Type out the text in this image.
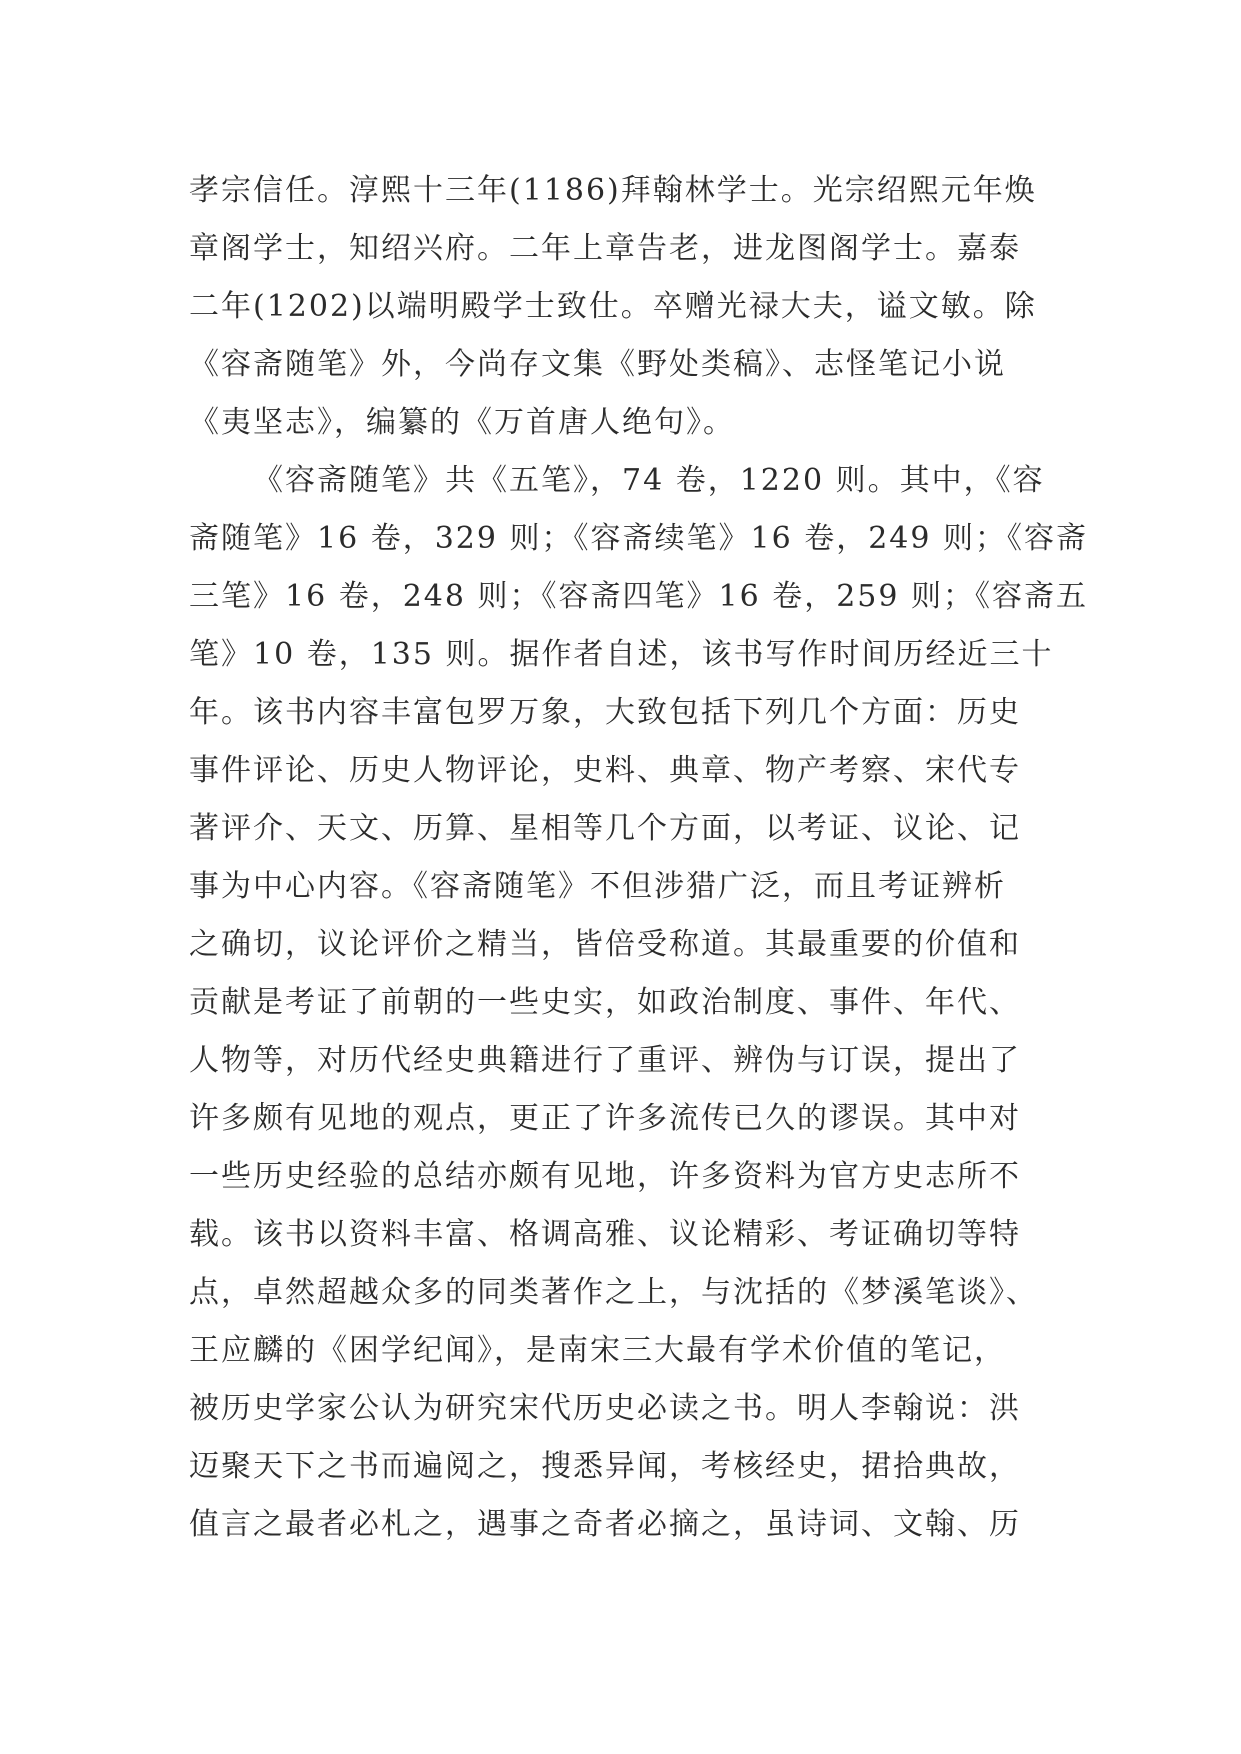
孝宗信任。淳熙十三年(1186)拜翰林学士。光宗绍熙元年焕
章阁学士，知绍兴府。二年上章告老，进龙图阁学士。嘉泰
二年(1202)以端明殿学士致仕。卒赠光禄大夫，谥文敏。除
《容斋随笔》外，今尚存文集《野处类稿》、志怪笔记小说
《夷坚志》，编纂的《万首唐人绝句》。
《容斋随笔》共《五笔》，74 卷，1220 则。其中，《容
斋随笔》16 卷，329 则；《容斋续笔》16 卷，249 则；《容斋
三笔》16 卷，248 则；《容斋四笔》16 卷，259 则；《容斋五
笔》10 卷，135 则。据作者自述，该书写作时间历经近三十
年。该书内容丰富包罗万象，大致包括下列几个方面：历史
事件评论、历史人物评论，史料、典章、物产考察、宋代专
著评介、天文、历算、星相等几个方面，以考证、议论、记
事为中心内容。《容斋随笔》不但涉猎广泛，而且考证辨析
之确切，议论评价之精当，皆倍受称道。其最重要的价值和
贡献是考证了前朝的一些史实，如政治制度、事件、年代、
人物等，对历代经史典籍进行了重评、辨伪与订误，提出了
许多颇有见地的观点，更正了许多流传已久的谬误。其中对
一些历史经验的总结亦颇有见地，许多资料为官方史志所不
载。该书以资料丰富、格调高雅、议论精彩、考证确切等特
点，卓然超越众多的同类著作之上，与沈括的《梦溪笔谈》、
王应麟的《困学纪闻》，是南宋三大最有学术价值的笔记，
被历史学家公认为研究宋代历史必读之书。明人李翰说：洪
迈聚天下之书而遍阅之，搜悉异闻，考核经史，捃拾典故，
值言之最者必札之，遇事之奇者必摘之，虽诗词、文翰、历
